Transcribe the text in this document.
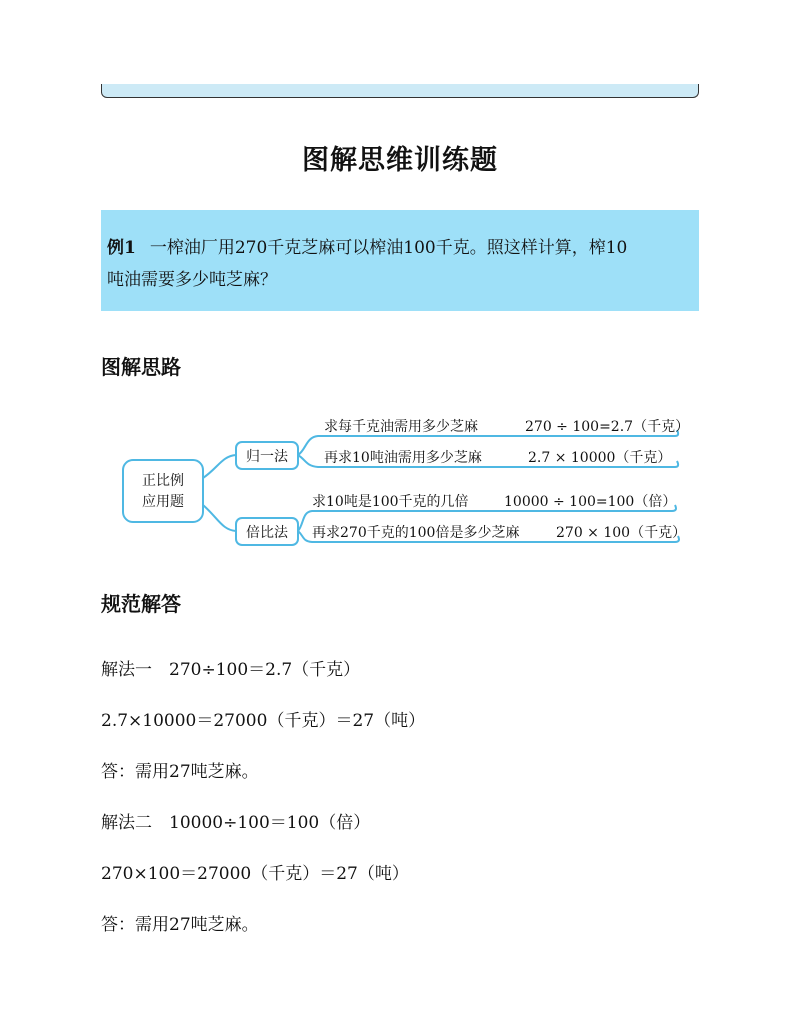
图解思维训练题
例1 一榨油厂用270千克芝麻可以榨油100千克。照这样计算，榨10
吨油需要多少吨芝麻？
图解思路
正比例
应用题
归一法
求每千克油需用多少芝麻	270 ÷ 100=2.7（千克）
再求10吨油需用多少芝麻	2.7 × 10000（千克）
倍比法
求10吨是100千克的几倍	10000 ÷ 100=100（倍）
再求270千克的100倍是多少芝麻	270 × 100（千克）
规范解答
解法一　270÷100＝2.7（千克）
2.7×10000＝27000（千克）＝27（吨）
答：需用27吨芝麻。
解法二　10000÷100＝100（倍）
270×100＝27000（千克）＝27（吨）
答：需用27吨芝麻。
